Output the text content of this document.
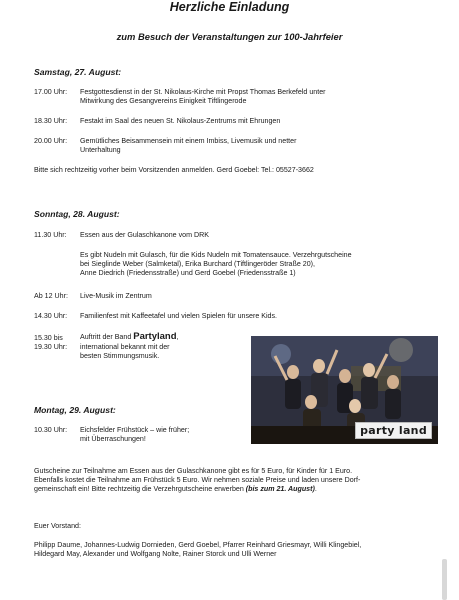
Herzliche Einladung
zum Besuch der Veranstaltungen zur 100-Jahrfeier
Samstag, 27. August:
17.00 Uhr:	Festgottesdienst in der St. Nikolaus-Kirche mit Propst Thomas Berkefeld unter
Mitwirkung des Gesangvereins Einigkeit Tiftlingerode
18.30 Uhr:	Festakt im Saal des neuen St. Nikolaus-Zentrums mit Ehrungen
20.00 Uhr:	Gemütliches Beisammensein mit einem Imbiss, Livemusik und netter
Unterhaltung
Bitte sich rechtzeitig vorher beim Vorsitzenden anmelden. Gerd Goebel: Tel.: 05527-3662
Sonntag, 28. August:
11.30 Uhr:	Essen aus der Gulaschkanone vom DRK
Es gibt Nudeln mit Gulasch, für die Kids Nudeln mit Tomatensauce. Verzehrgutscheine
bei Sieglinde Weber (Salmketal), Erika Burchard (Tiftlingeröder Straße 20),
Anne Diedrich (Friedensstraße) und Gerd Goebel (Friedensstraße 1)
Ab 12 Uhr:	Live-Musik im Zentrum
14.30 Uhr:	Familienfest mit Kaffeetafel und vielen Spielen für unsere Kids.
15.30 bis
19.30 Uhr:
Auftritt der Band Partyland,
international bekannt mit der
besten Stimmungsmusik.
party land
Montag, 29. August:
10.30 Uhr:	Eichsfelder Frühstück – wie früher;
mit Überraschungen!
Gutscheine zur Teilnahme am Essen aus der Gulaschkanone gibt es für 5 Euro, für Kinder für 1 Euro.
Ebenfalls kostet die Teilnahme am Frühstück 5 Euro. Wir nehmen soziale Preise und laden unsere Dorf-
gemeinschaft ein! Bitte rechtzeitig die Verzehrgutscheine erwerben (bis zum 21. August).
Euer Vorstand:
Philipp Daume, Johannes-Ludwig Dornieden, Gerd Goebel, Pfarrer Reinhard Griesmayr, Willi Klingebiel,
Hildegard May, Alexander und Wolfgang Nolte, Rainer Storck und Ulli Werner
